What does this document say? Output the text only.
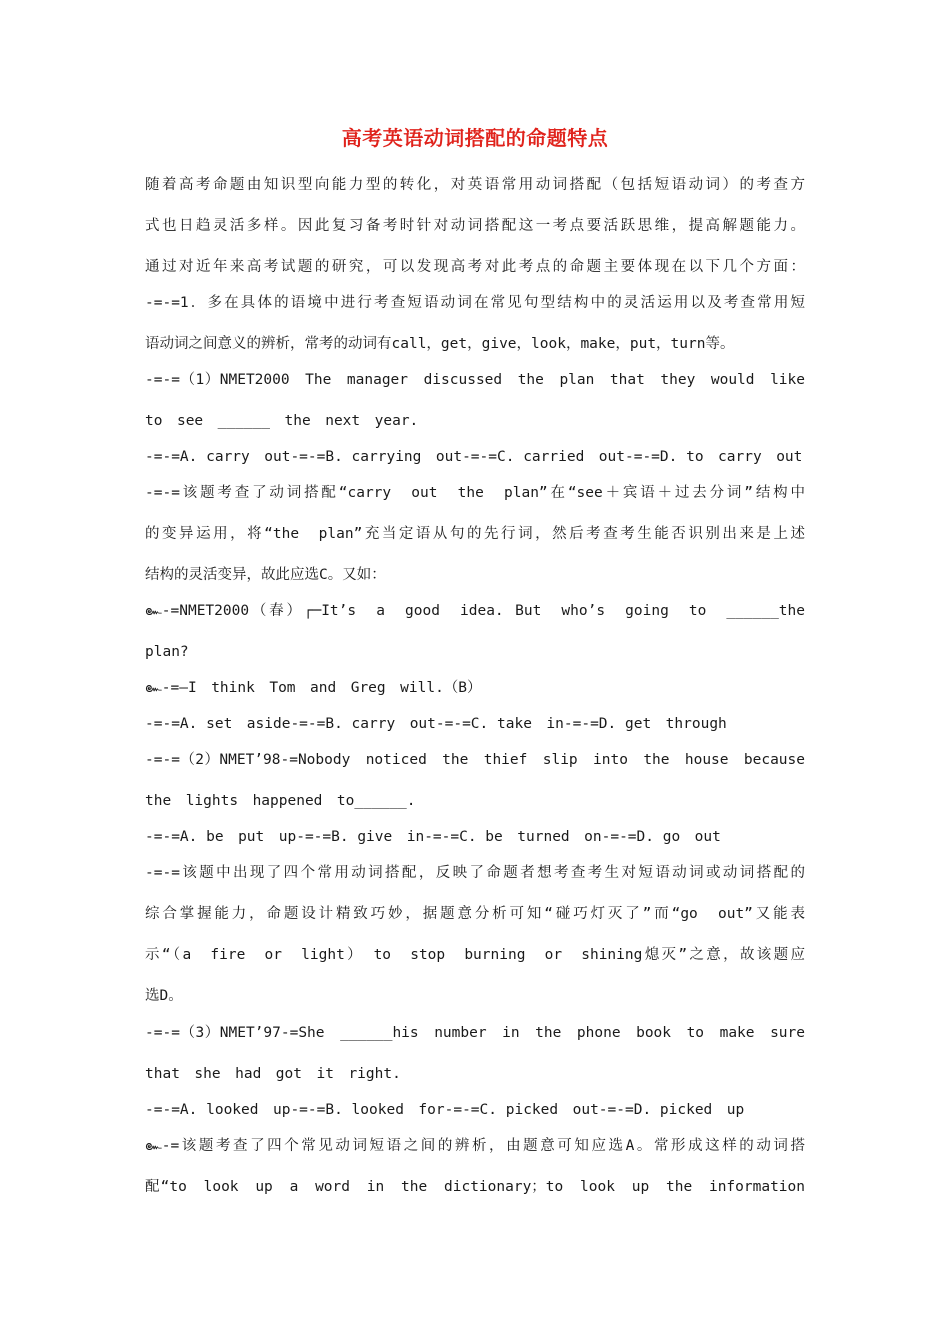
高考英语动词搭配的命题特点
随着高考命题由知识型向能力型的转化，对英语常用动词搭配（包括短语动词）的考查方
式也日趋灵活多样。因此复习备考时针对动词搭配这一考点要活跃思维，提高解题能力。
通过对近年来高考试题的研究，可以发现高考对此考点的命题主要体现在以下几个方面：
-=-=1．多在具体的语境中进行考查短语动词在常见句型结构中的灵活运用以及考查常用短
语动词之间意义的辨析，常考的动词有call，get，give，look，make，put，turn等。
-=-=（1）NMET2000　The　manager　discussed　the　plan　that　they　would　like
to　see　______　the　next　year.
-=-=A. carry　out-=-=B. carrying　out-=-=C. carried　out-=-=D. to　carry　out
-=-=该题考查了动词搭配“carry　out　the　plan”在“see＋宾语＋过去分词”结构中
的变异运用，将“the　plan”充当定语从句的先行词，然后考查考生能否识别出来是上述
结构的灵活变异，故此应选C。又如：
๛-=NMET2000（春）┌─It’s　a　good　idea. But　who’s　going　to　______the
plan?
๛-=—I　think　Tom　and　Greg　will.（B）
-=-=A. set　aside-=-=B. carry　out-=-=C. take　in-=-=D. get　through
-=-=（2）NMET’98-=Nobody　noticed　the　thief　slip　into　the　house　because
the　lights　happened　to______.
-=-=A. be　put　up-=-=B. give　in-=-=C. be　turned　on-=-=D. go　out
-=-=该题中出现了四个常用动词搭配，反映了命题者想考查考生对短语动词或动词搭配的
综合掌握能力，命题设计精致巧妙，据题意分析可知“碰巧灯灭了”而“go　out”又能表
示“（a　fire　or　light）　to　stop　burning　or　shining熄灭”之意，故该题应
选D。
-=-=（3）NMET’97-=She　______his　number　in　the　phone　book　to　make　sure
that　she　had　got　it　right.
-=-=A. looked　up-=-=B. looked　for-=-=C. picked　out-=-=D. picked　up
๛-=该题考查了四个常见动词短语之间的辨析，由题意可知应选A。常形成这样的动词搭
配“to　look　up　a　word　in　the　dictionary；to　look　up　the　information
